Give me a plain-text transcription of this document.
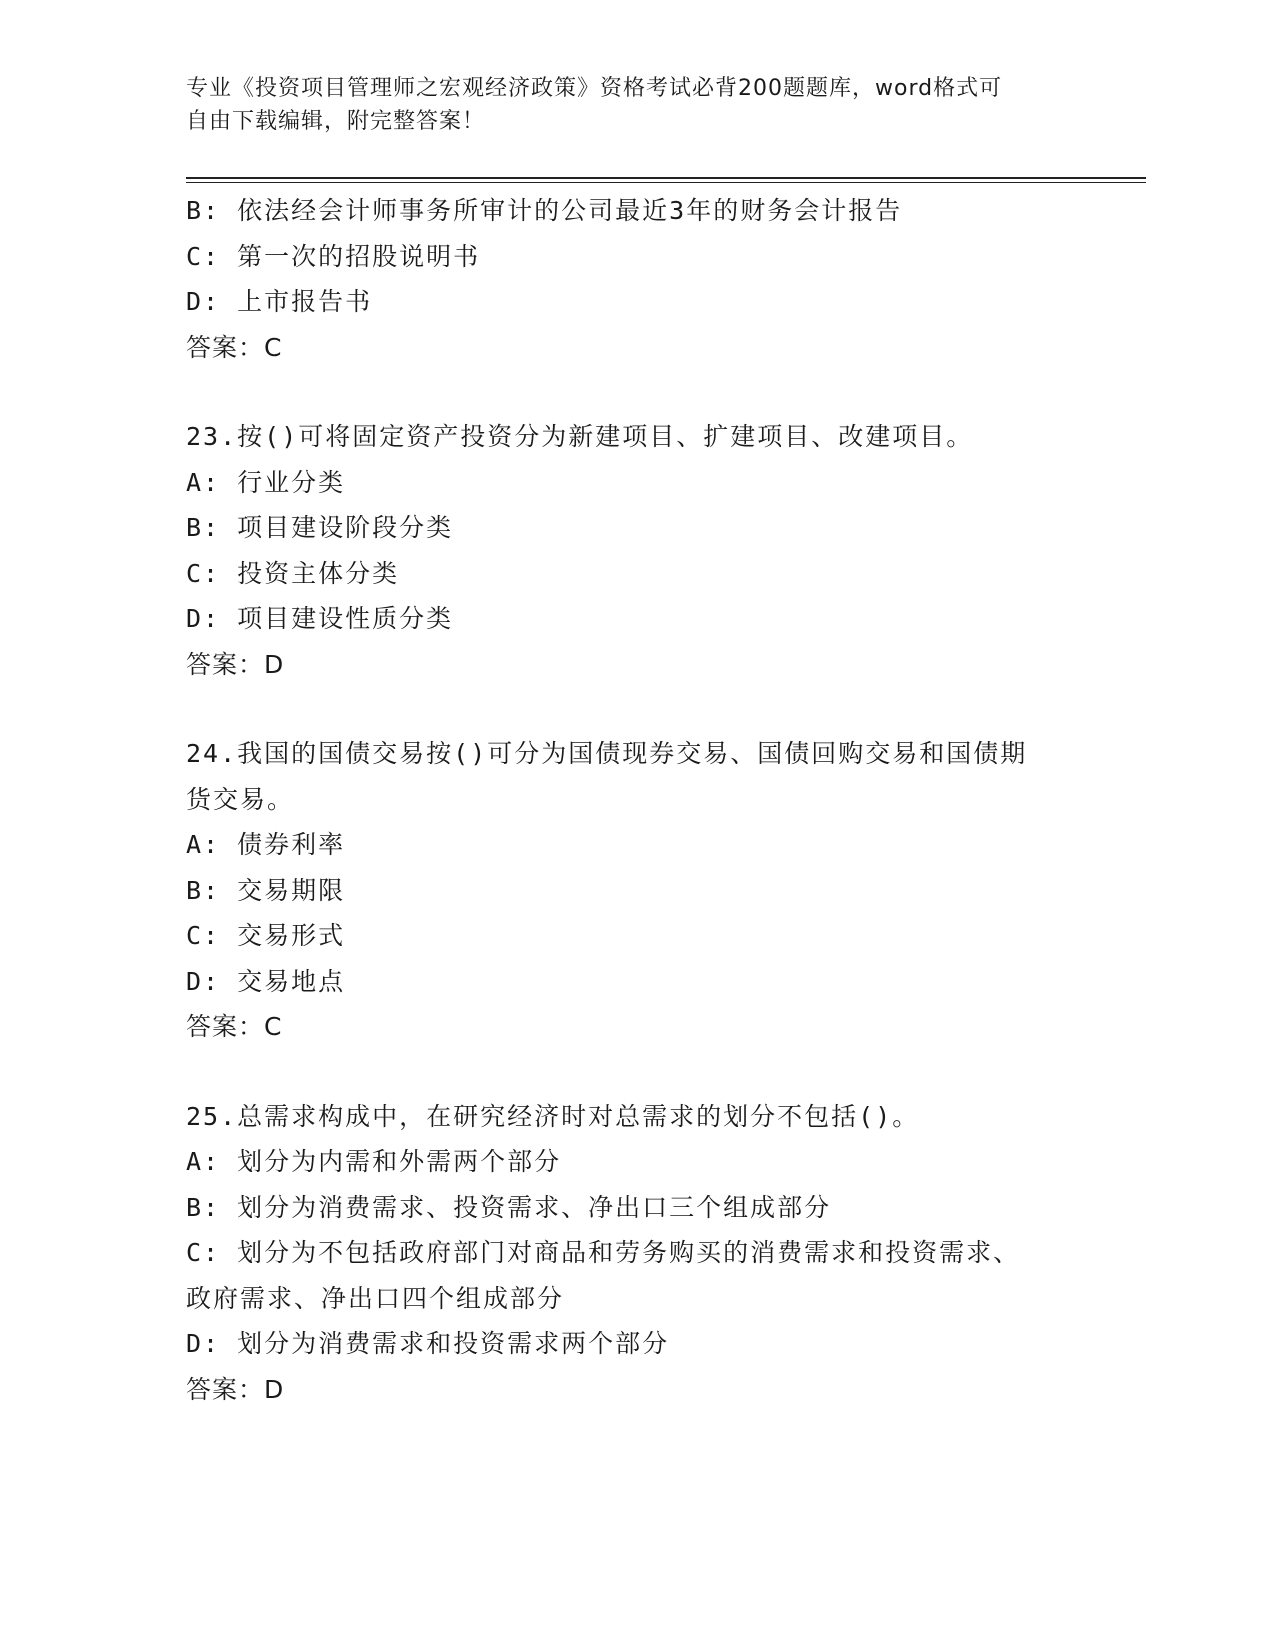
专业《投资项目管理师之宏观经济政策》资格考试必背200题题库，word格式可
自由下载编辑，附完整答案！
B: 依法经会计师事务所审计的公司最近3年的财务会计报告
C: 第一次的招股说明书
D: 上市报告书
答案：C
23.按()可将固定资产投资分为新建项目、扩建项目、改建项目。
A: 行业分类
B: 项目建设阶段分类
C: 投资主体分类
D: 项目建设性质分类
答案：D
24.我国的国债交易按()可分为国债现券交易、国债回购交易和国债期
货交易。
A: 债券利率
B: 交易期限
C: 交易形式
D: 交易地点
答案：C
25.总需求构成中，在研究经济时对总需求的划分不包括()。
A: 划分为内需和外需两个部分
B: 划分为消费需求、投资需求、净出口三个组成部分
C: 划分为不包括政府部门对商品和劳务购买的消费需求和投资需求、
政府需求、净出口四个组成部分
D: 划分为消费需求和投资需求两个部分
答案：D
